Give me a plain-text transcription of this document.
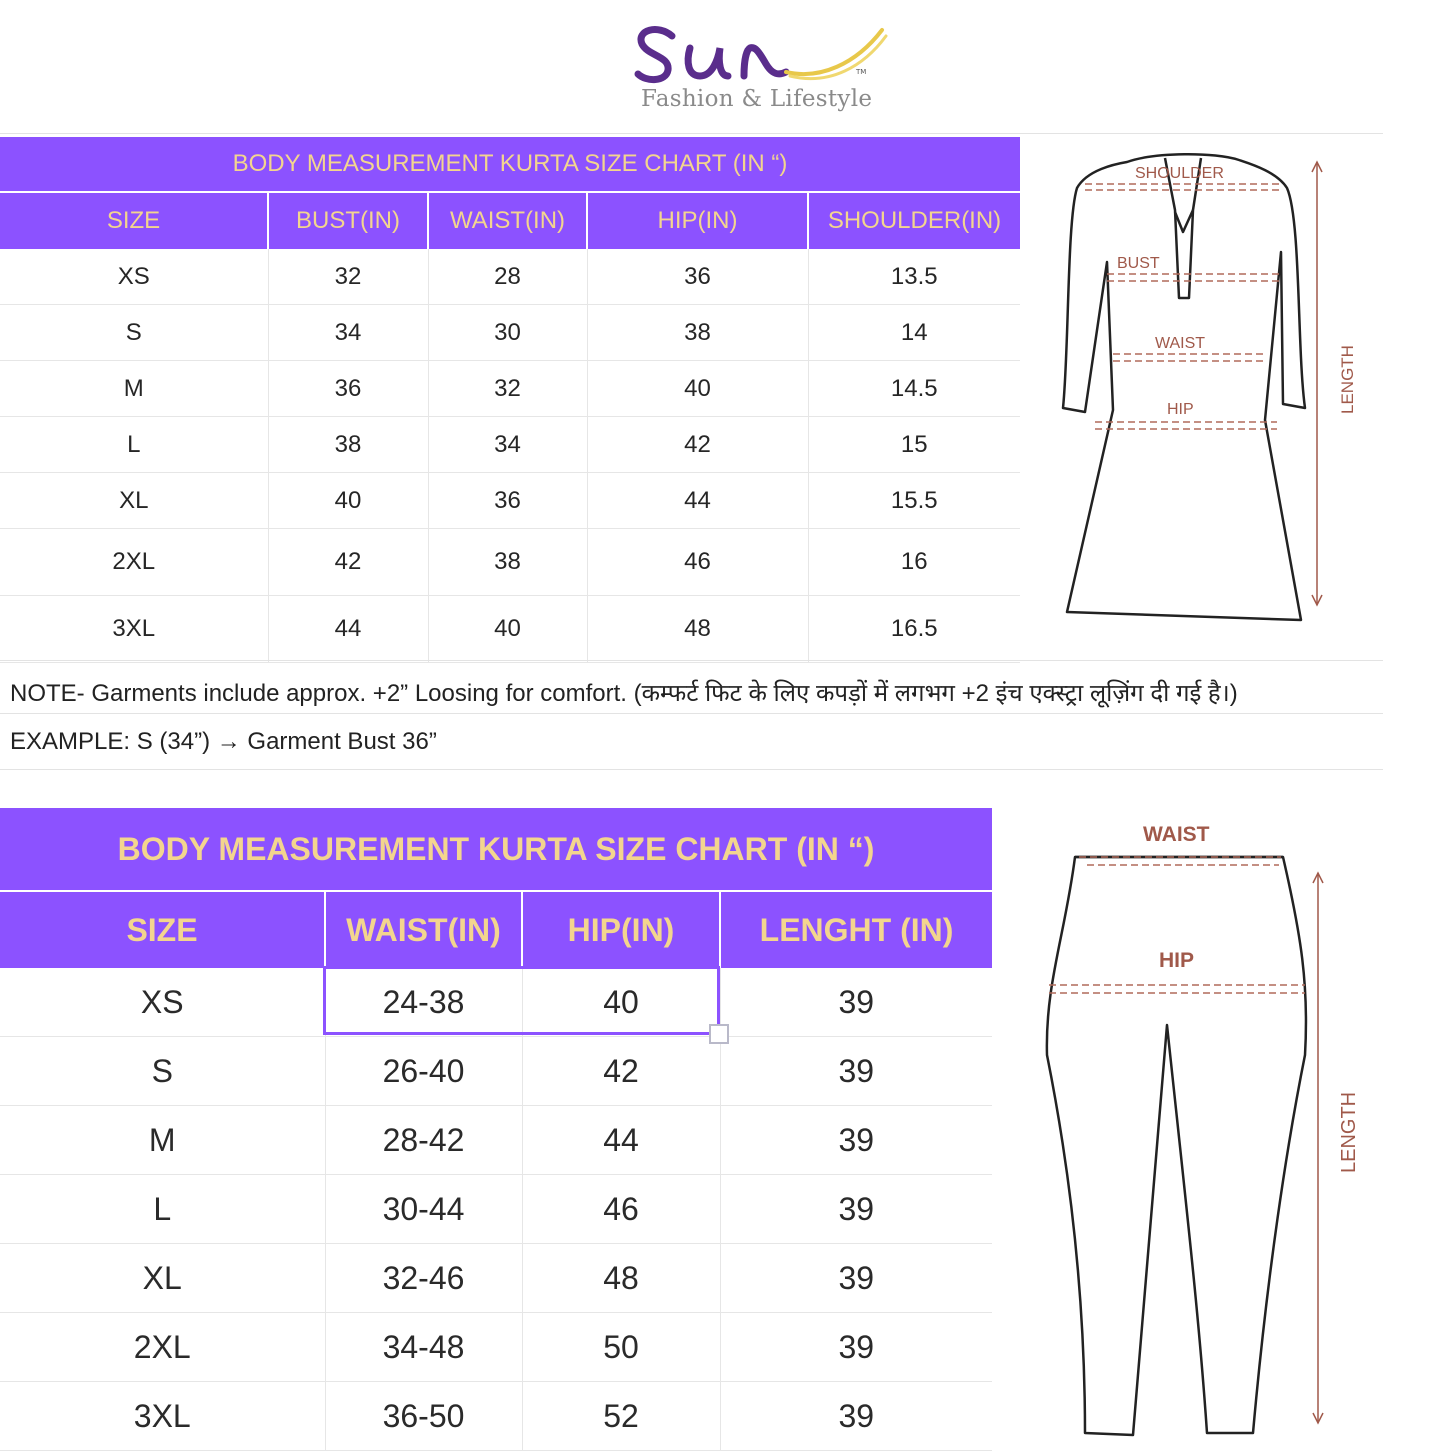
TM
Fashion & Lifestyle
BODY MEASUREMENT KURTA SIZE CHART (IN “)				
SIZE	BUST(IN)	WAIST(IN)	HIP(IN)	SHOULDER(IN)
XS	32	28	36	13.5
S	34	30	38	14
M	36	32	40	14.5
L	38	34	42	15
XL	40	36	44	15.5
2XL	42	38	46	16
3XL	44	40	48	16.5
SHOULDER
BUST
WAIST
HIP	LENGTH
NOTE- Garments include approx. +2” Loosing for comfort. (कम्फर्ट फिट के लिए कपड़ों में लगभग +2 इंच एक्स्ट्रा लूज़िंग दी गई है।)
EXAMPLE: S (34”) → Garment Bust 36”
BODY MEASUREMENT KURTA SIZE CHART (IN “)			
SIZE	WAIST(IN)	HIP(IN)	LENGHT (IN)
XS	24-38	40	39
S	26-40	42	39
M	28-42	44	39
L	30-44	46	39
XL	32-46	48	39
2XL	34-48	50	39
3XL	36-50	52	39
WAIST
HIP
LENGTH
